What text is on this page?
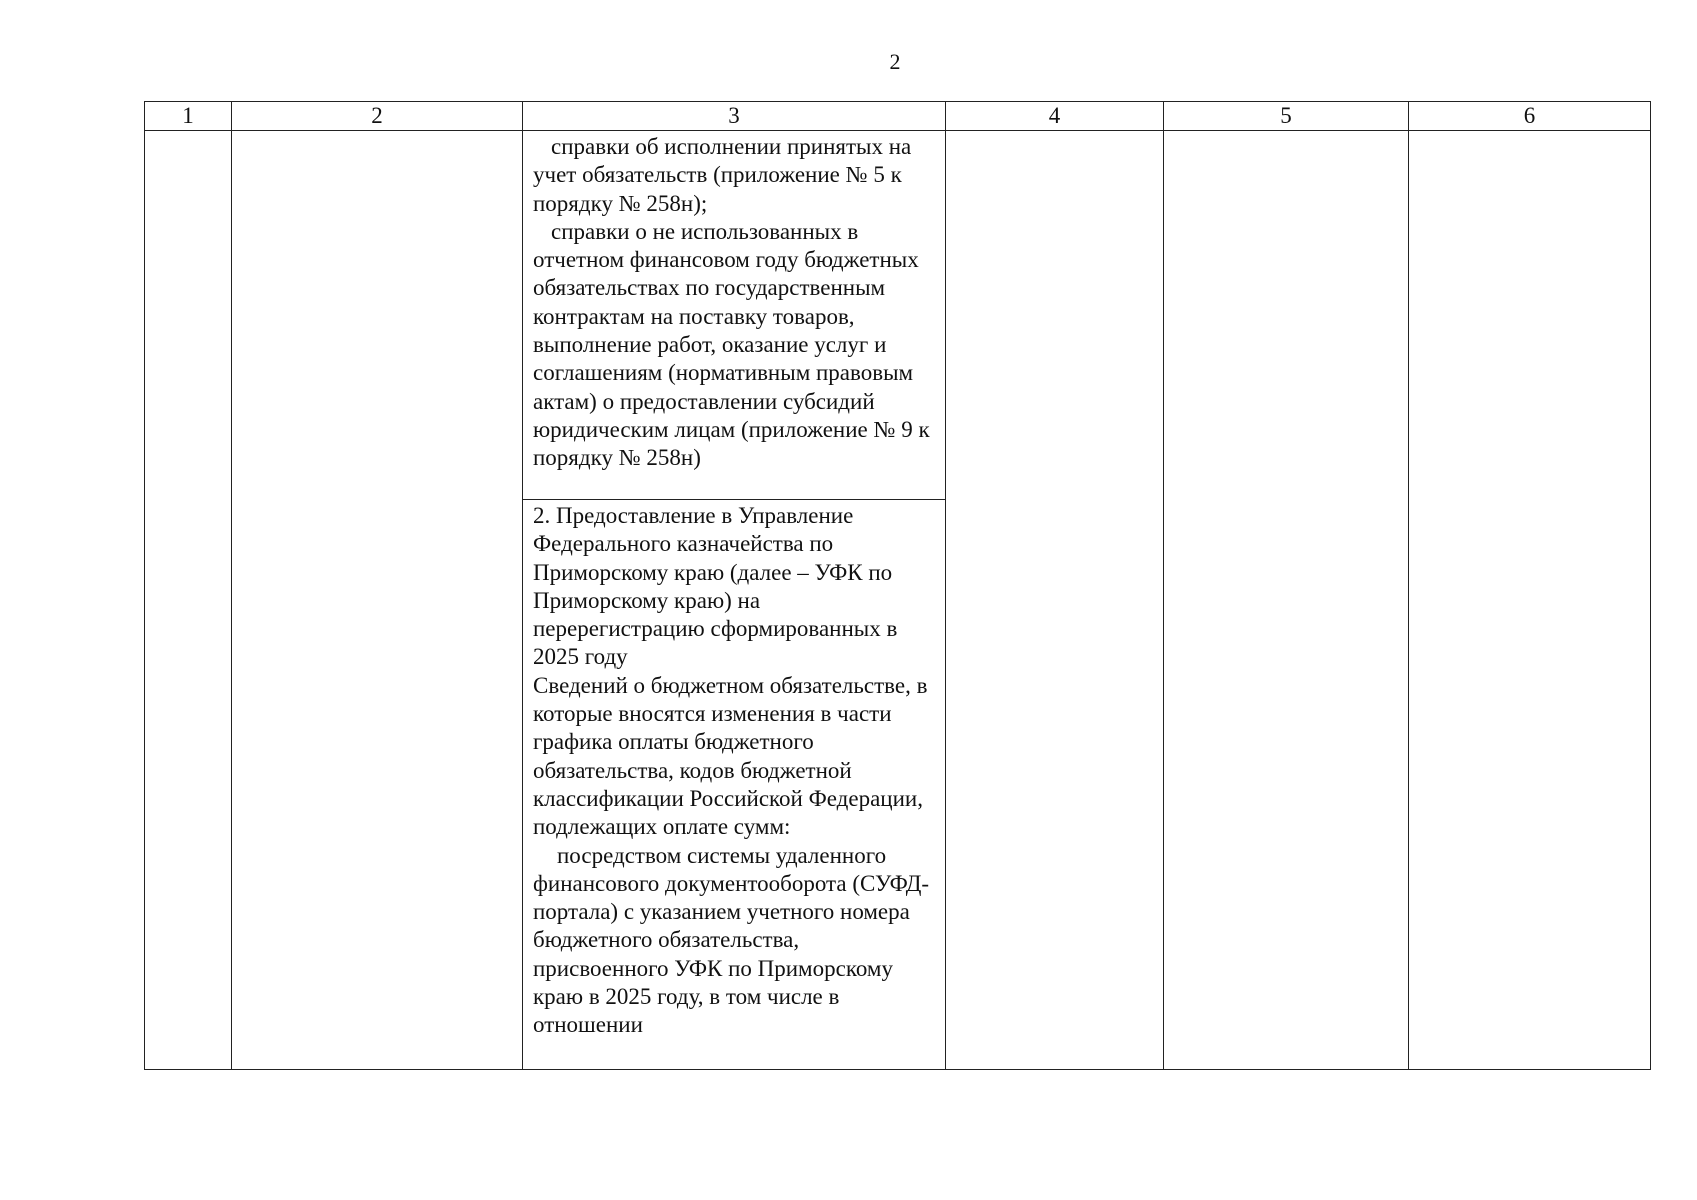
2
1	2	3	4	5	6

		справки об исполнении принятых на учет обязательств (приложение № 5 к порядку № 258н);
справки о не использованных в отчетном финансовом году бюджетных обязательствах по государственным контрактам на поставку товаров, выполнение работ, оказание услуг и соглашениям (нормативным правовым актам) о предоставлении субсидий юридическим лицам (приложение № 9 к порядку № 258н)
2. Предоставление в Управление Федерального казначейства по Приморскому краю (далее – УФК по Приморскому краю) на перерегистрацию сформированных в 2025 году
Сведений о бюджетном обязательстве, в которые вносятся изменения в части графика оплаты бюджетного обязательства, кодов бюджетной классификации Российской Федерации, подлежащих оплате сумм:
посредством системы удаленного финансового документооборота (СУФД-портала) с указанием учетного номера бюджетного обязательства, присвоенного УФК по Приморскому краю в 2025 году, в том числе в отношении			
